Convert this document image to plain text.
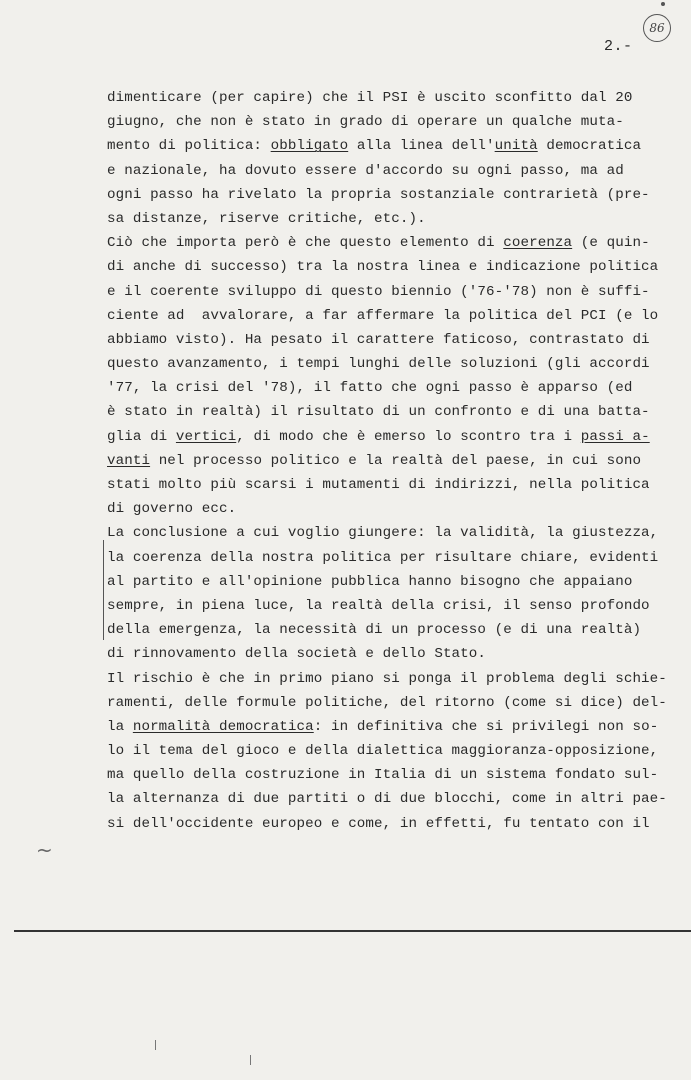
86
2.-
~
dimenticare (per capire) che il PSI è uscito sconfitto dal 20
giugno, che non è stato in grado di operare un qualche muta-
mento di politica: obbligato alla linea dell'unità democratica
e nazionale, ha dovuto essere d'accordo su ogni passo, ma ad
ogni passo ha rivelato la propria sostanziale contrarietà (pre-
sa distanze, riserve critiche, etc.).
Ciò che importa però è che questo elemento di coerenza (e quin-
di anche di successo) tra la nostra linea e indicazione politica
e il coerente sviluppo di questo biennio ('76-'78) non è suffi-
ciente ad  avvalorare, a far affermare la politica del PCI (e lo
abbiamo visto). Ha pesato il carattere faticoso, contrastato di
questo avanzamento, i tempi lunghi delle soluzioni (gli accordi
'77, la crisi del '78), il fatto che ogni passo è apparso (ed
è stato in realtà) il risultato di un confronto e di una batta-
glia di vertici, di modo che è emerso lo scontro tra i passi a-
vanti nel processo politico e la realtà del paese, in cui sono
stati molto più scarsi i mutamenti di indirizzi, nella politica
di governo ecc.
La conclusione a cui voglio giungere: la validità, la giustezza,
la coerenza della nostra politica per risultare chiare, evidenti
al partito e all'opinione pubblica hanno bisogno che appaiano
sempre, in piena luce, la realtà della crisi, il senso profondo
della emergenza, la necessità di un processo (e di una realtà)
di rinnovamento della società e dello Stato.
Il rischio è che in primo piano si ponga il problema degli schie-
ramenti, delle formule politiche, del ritorno (come si dice) del-
la normalità democratica: in definitiva che si privilegi non so-
lo il tema del gioco e della dialettica maggioranza-opposizione,
ma quello della costruzione in Italia di un sistema fondato sul-
la alternanza di due partiti o di due blocchi, come in altri pae-
si dell'occidente europeo e come, in effetti, fu tentato con il
